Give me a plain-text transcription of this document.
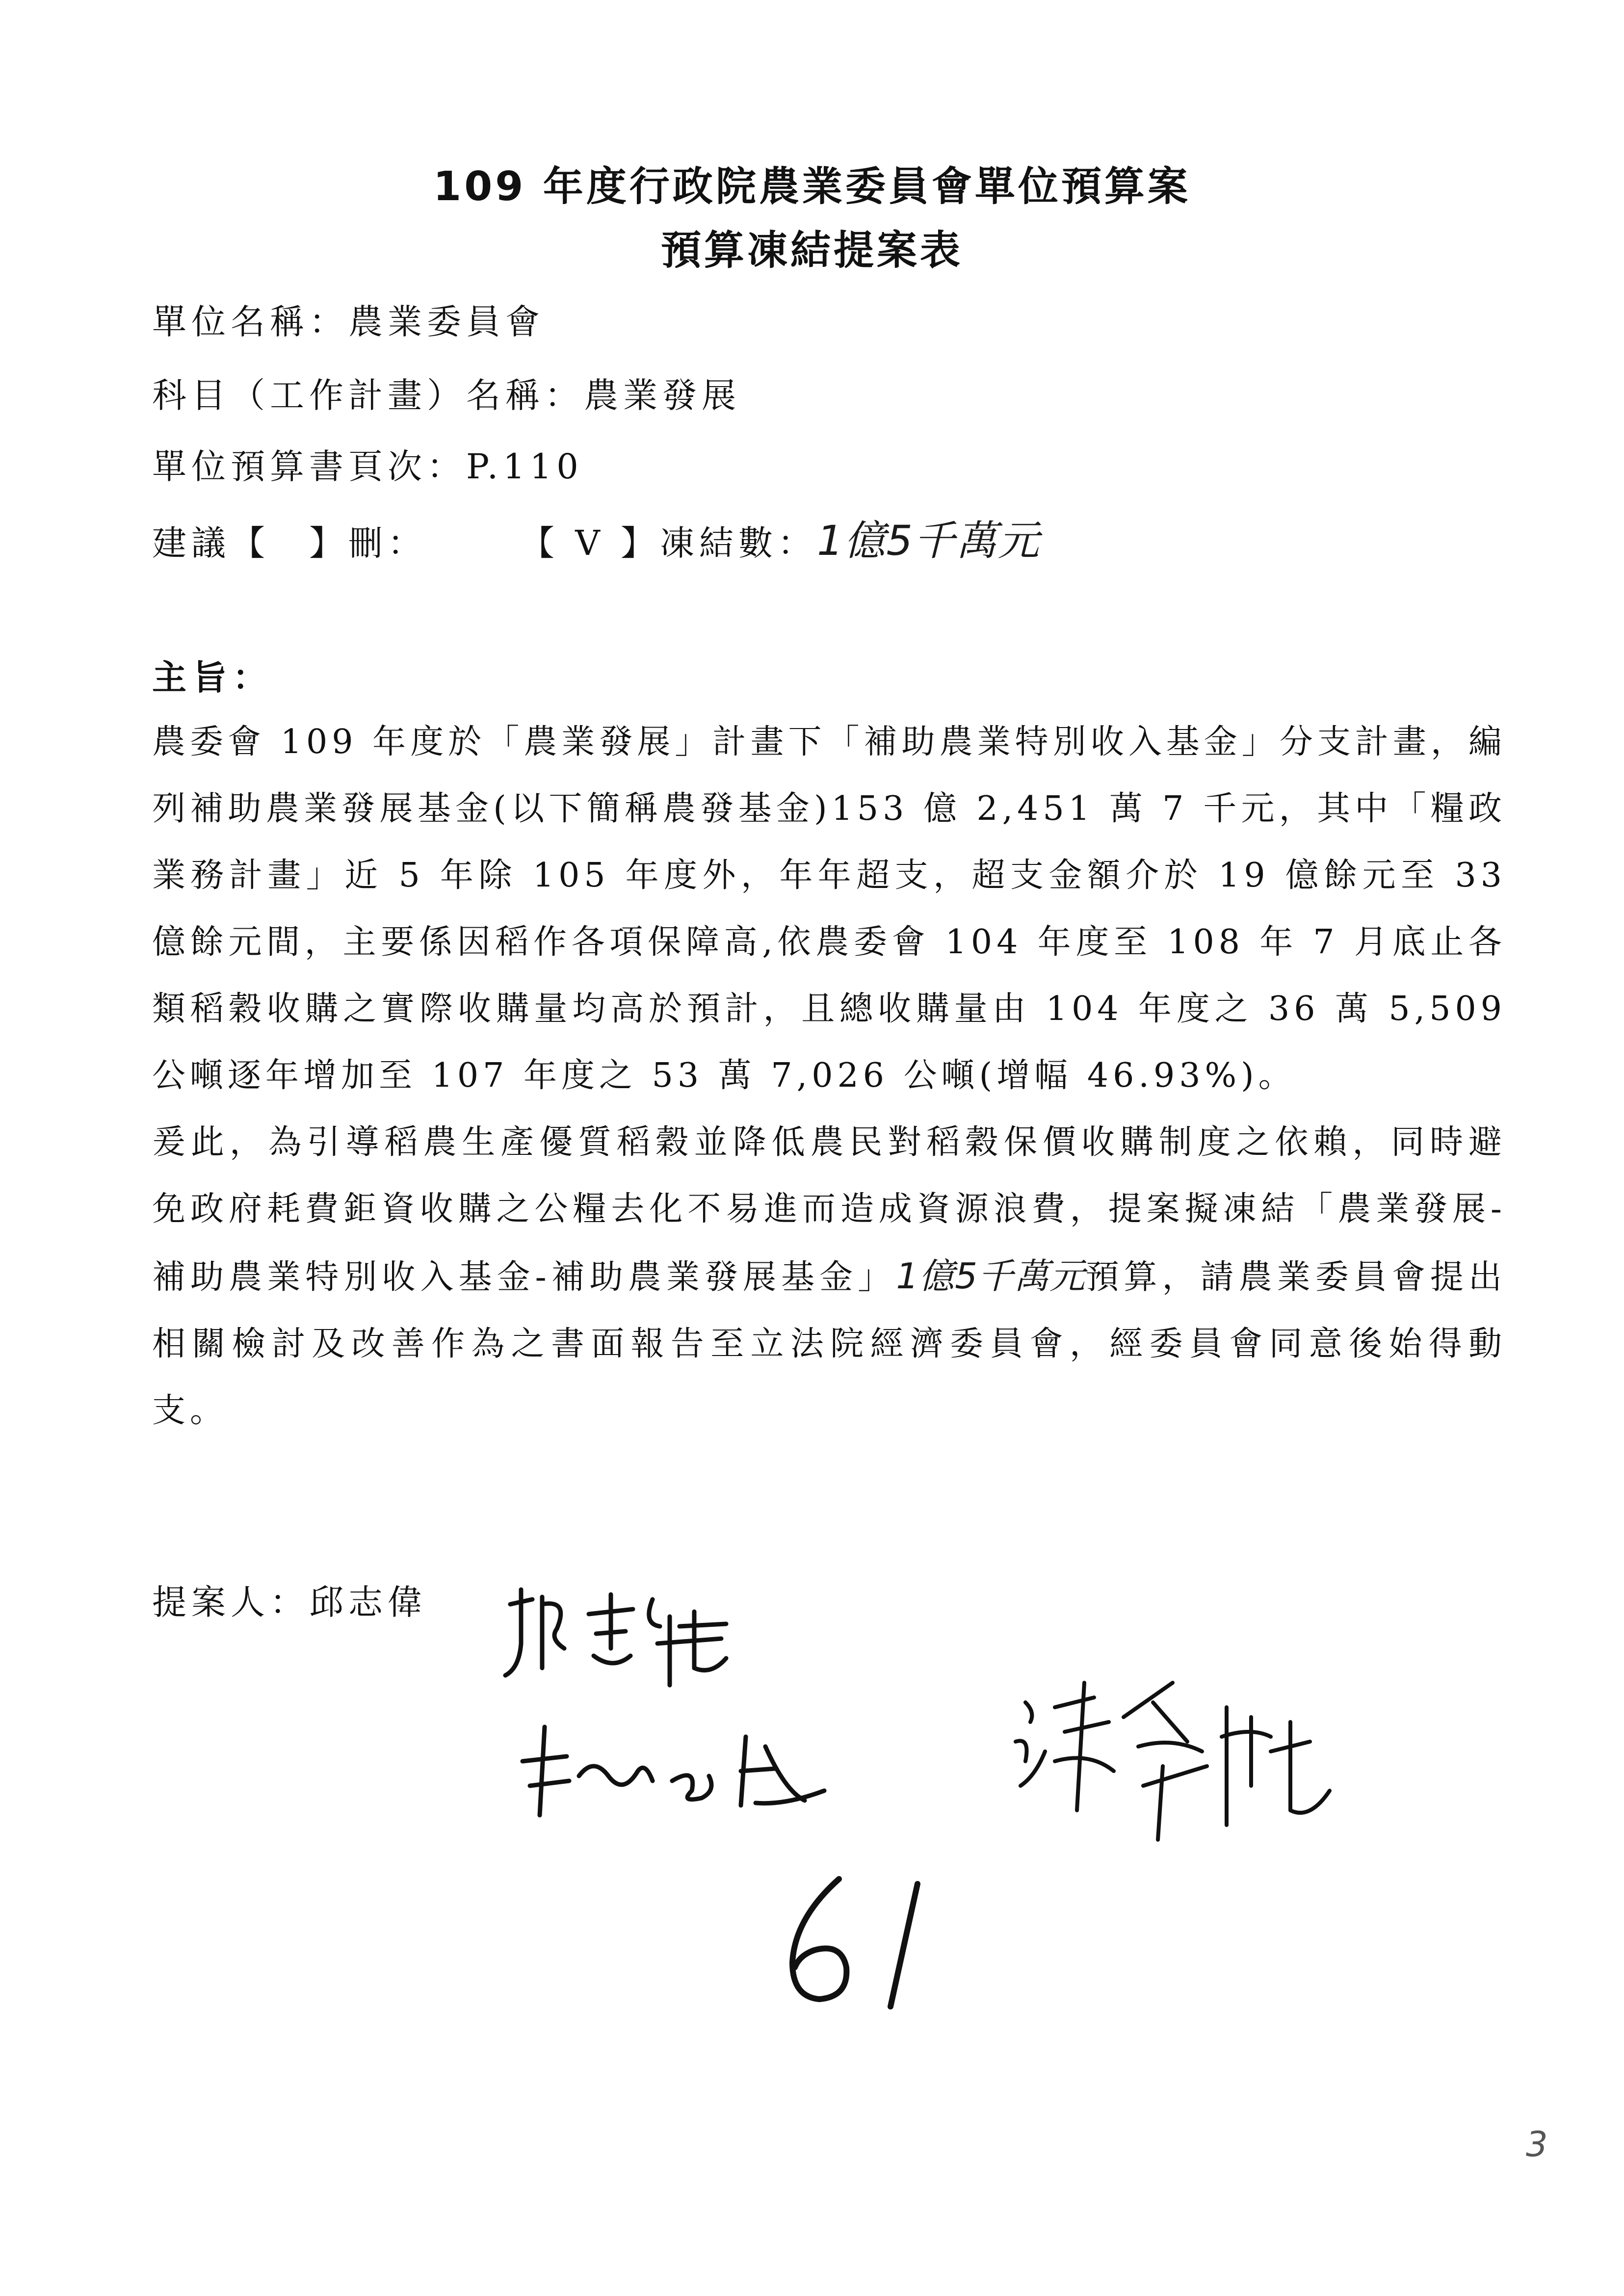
109 年度行政院農業委員會單位預算案
預算凍結提案表
單位名稱：農業委員會
科目（工作計畫）名稱：農業發展
單位預算書頁次：P.110
建議【　】刪：	【 V 】凍結數：1億5千萬元
主旨：

農委會 109 年度於「農業發展」計畫下「補助農業特別收入基金」分支計畫，編列補助農業發展基金(以下簡稱農發基金)153 億 2,451 萬 7 千元，其中「糧政業務計畫」近 5 年除 105 年度外，年年超支，超支金額介於 19 億餘元至 33 億餘元間，主要係因稻作各項保障高,依農委會 104 年度至 108 年 7 月底止各類稻穀收購之實際收購量均高於預計，且總收購量由 104 年度之 36 萬 5,509 公噸逐年增加至 107 年度之 53 萬 7,026 公噸(增幅 46.93%)。

爰此，為引導稻農生產優質稻穀並降低農民對稻穀保價收購制度之依賴，同時避免政府耗費鉅資收購之公糧去化不易進而造成資源浪費，提案擬凍結「農業發展-補助農業特別收入基金-補助農業發展基金」1億5千萬元預算，請農業委員會提出相關檢討及改善作為之書面報告至立法院經濟委員會，經委員會同意後始得動支。

提案人：邱志偉
3
